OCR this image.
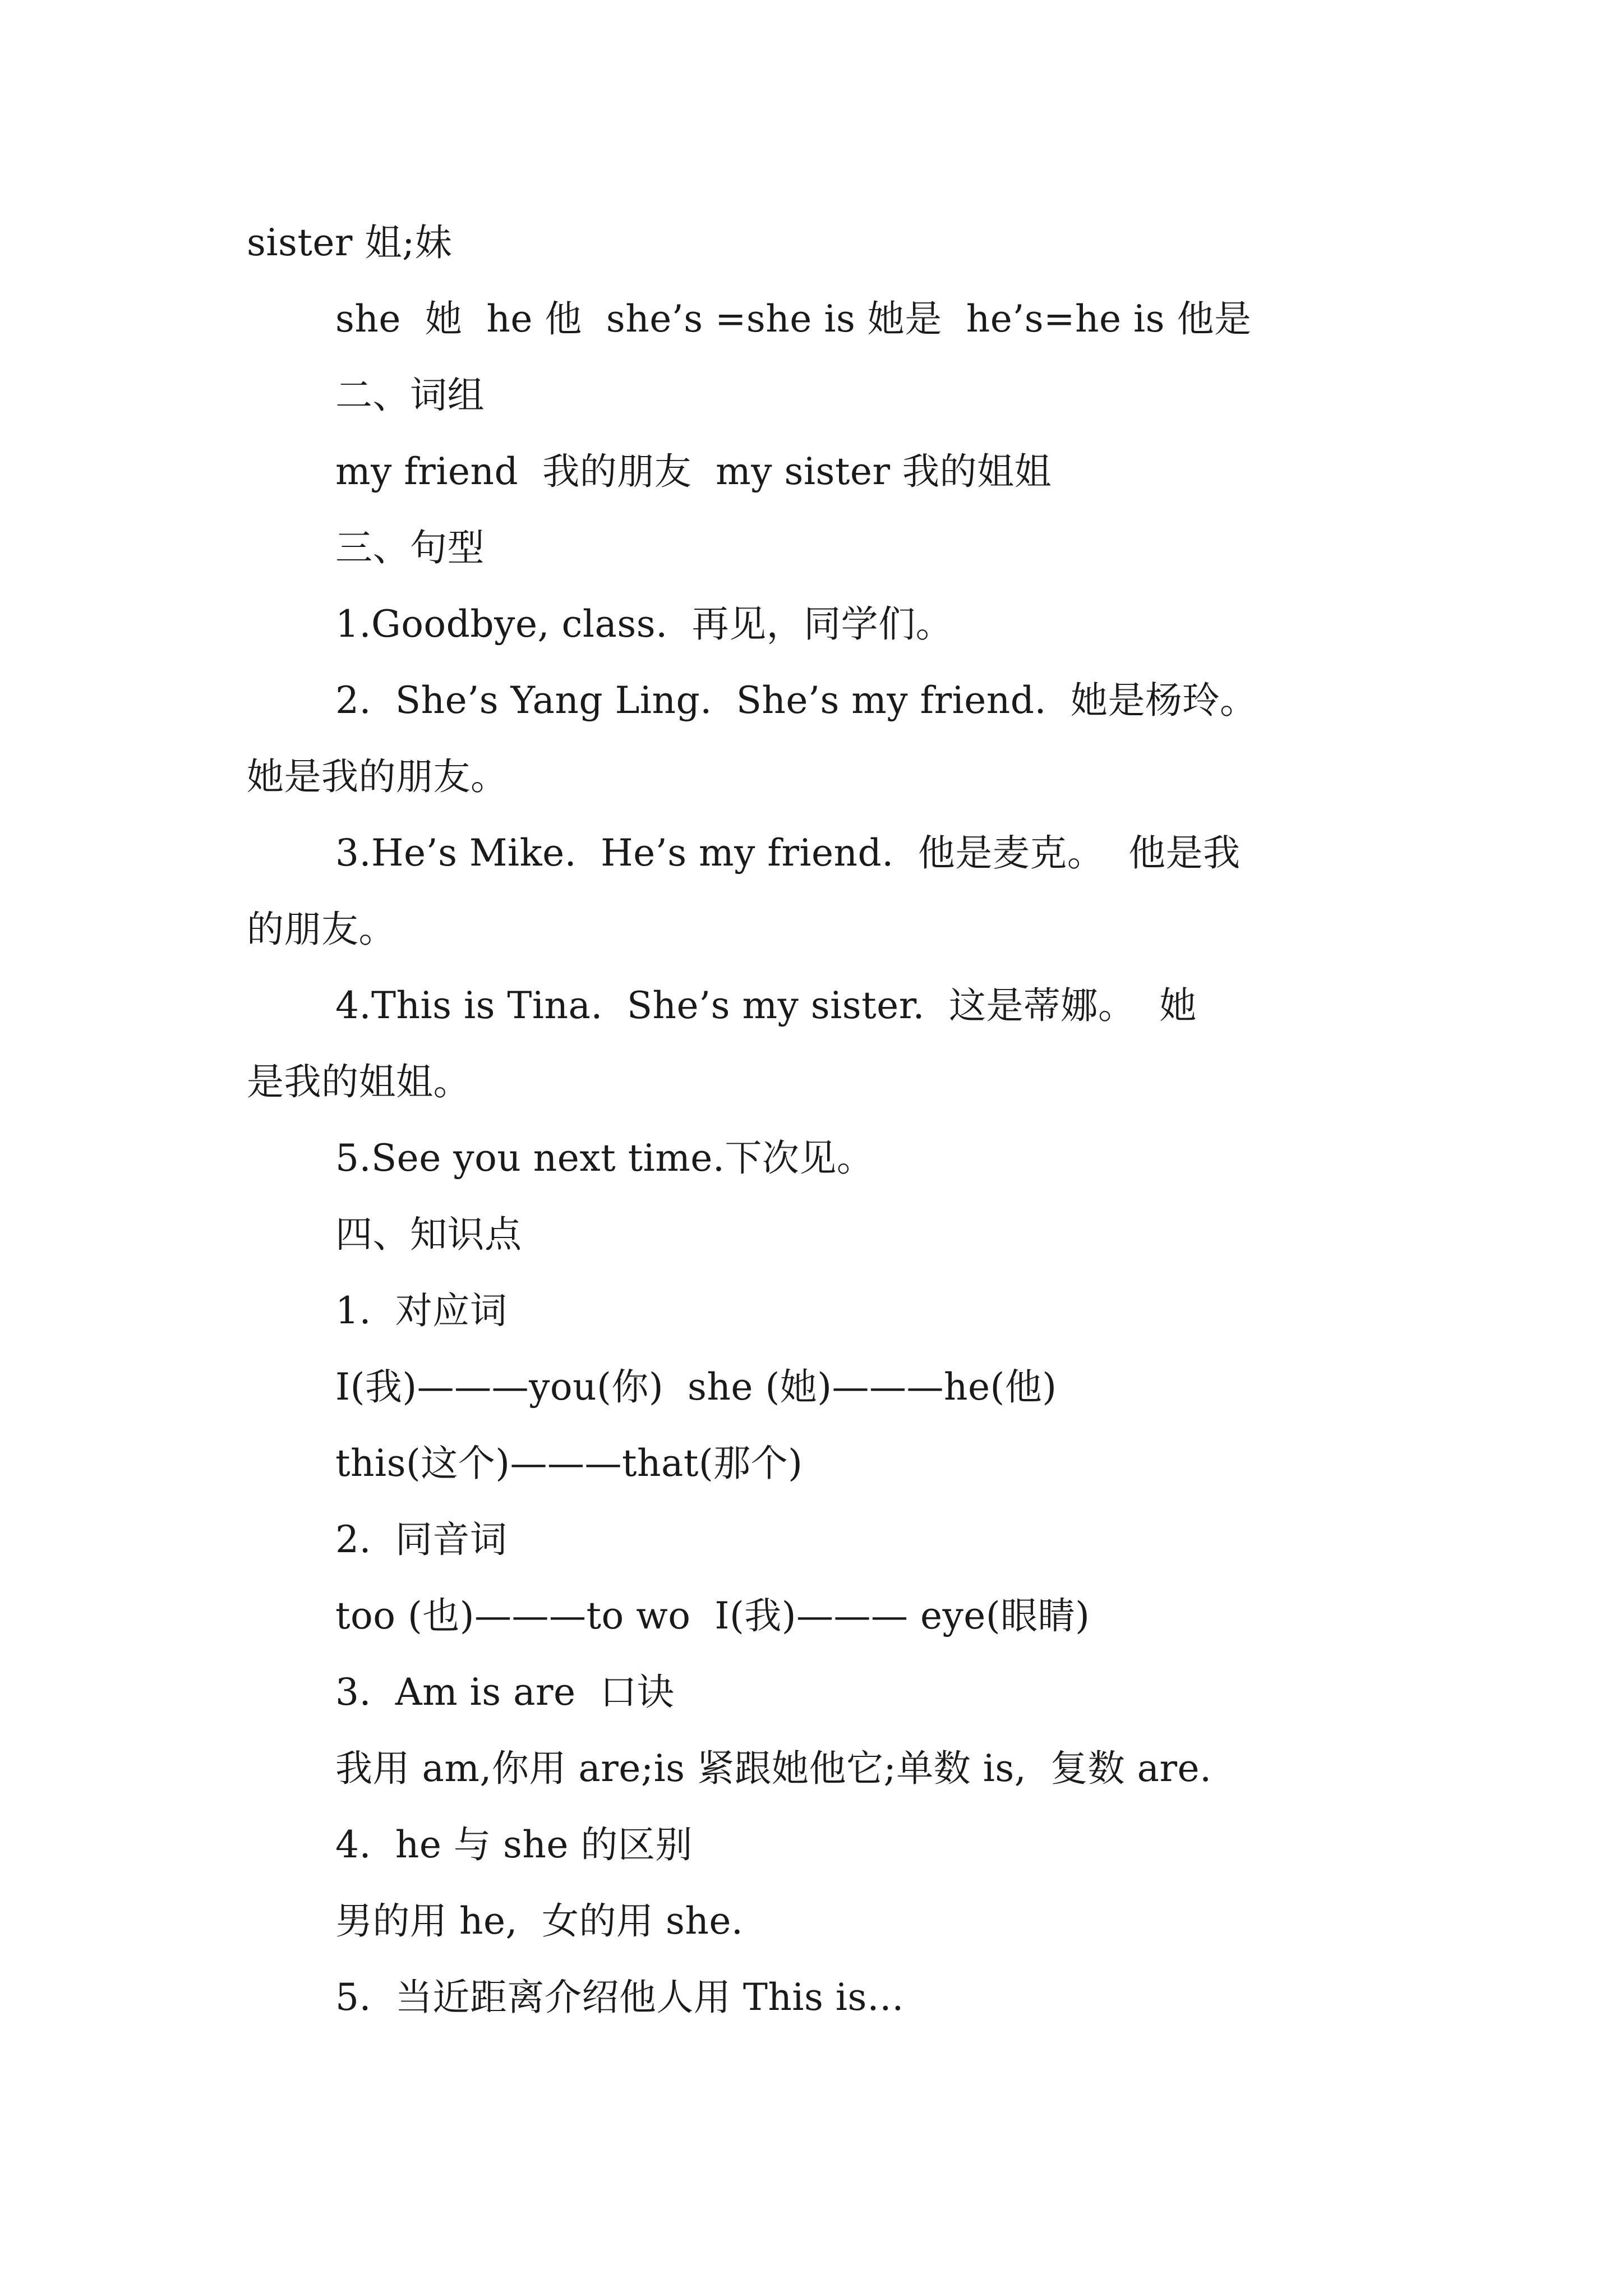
sister 姐;妹
she  她  he 他  she’s =she is 她是  he’s=he is 他是
二、词组
my friend  我的朋友  my sister 我的姐姐
三、句型
1.Goodbye, class.  再见，同学们。
2.  She’s Yang Ling.  She’s my friend.  她是杨玲。
她是我的朋友。
3.He’s Mike.  He’s my friend.  他是麦克。  他是我
的朋友。
4.This is Tina.  She’s my sister.  这是蒂娜。  她
是我的姐姐。
5.See you next time.下次见。
四、知识点
1.  对应词
I(我)———you(你)  she (她)———he(他)
this(这个)———that(那个)
2.  同音词
too (也)———to wo  I(我)——— eye(眼睛)
3.  Am is are  口诀
我用 am,你用 are;is 紧跟她他它;单数 is,  复数 are.
4.  he 与 she 的区别
男的用 he,  女的用 she.
5.  当近距离介绍他人用 This is…
